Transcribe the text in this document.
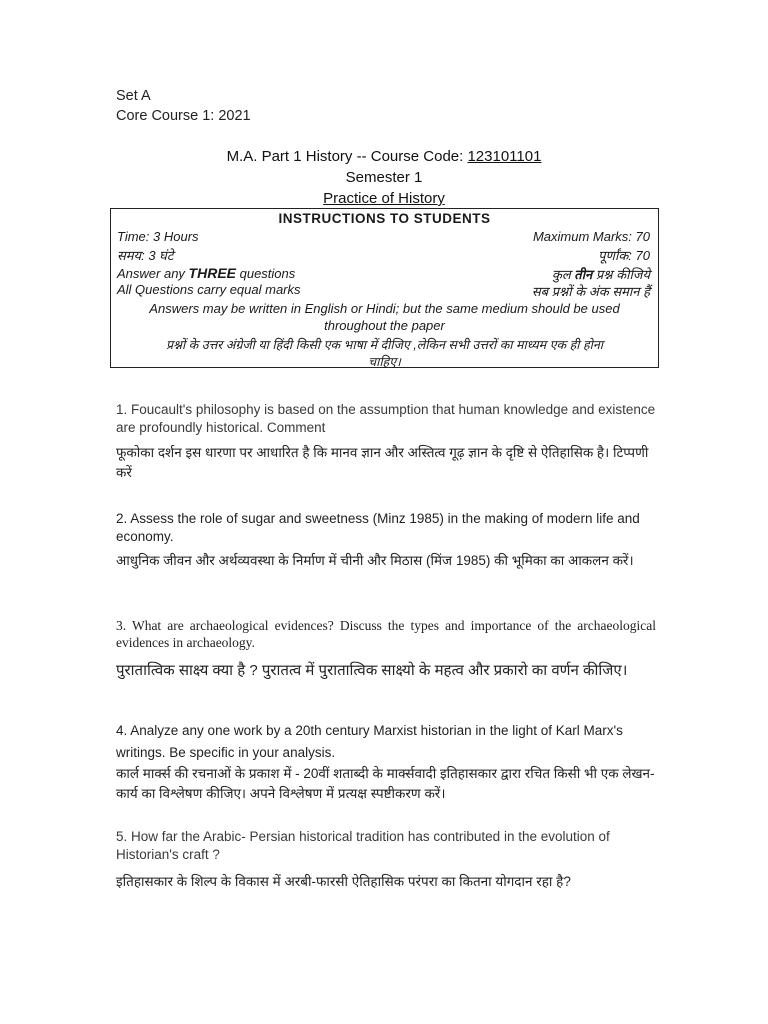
Set A
Core Course 1: 2021
M.A. Part 1 History -- Course Code: 123101101
Semester 1
Practice of History
INSTRUCTIONS TO STUDENTS
Time: 3 Hours	Maximum Marks: 70
समय: 3 घंटे	पूर्णांक: 70
Answer any THREE questions	कुल तीन प्रश्न कीजिये
All Questions carry equal marks	सब प्रश्नों के अंक समान हैं
Answers may be written in English or Hindi; but the same medium should be used
throughout the paper
प्रश्नों के उत्तर अंग्रेजी या हिंदी किसी एक भाषा में दीजिए ,लेकिन सभी उत्तरों का माध्यम एक ही होना
चाहिए।
1. Foucault's philosophy is based on the assumption that human knowledge and existence are profoundly historical. Comment
फूकोका दर्शन इस धारणा पर आधारित है कि मानव ज्ञान और अस्तित्व गूढ़ ज्ञान के दृष्टि से ऐतिहासिक है। टिप्पणी करें
2. Assess the role of sugar and sweetness (Minz 1985) in the making of modern life and economy.
आधुनिक जीवन और अर्थव्यवस्था के निर्माण में चीनी और मिठास (मिंज 1985) की भूमिका का आकलन करें।
3. What are archaeological evidences? Discuss the types and importance of the archaeological evidences in archaeology.
पुरातात्विक साक्ष्य क्या है ? पुरातत्व में पुरातात्विक साक्ष्यो के महत्व और प्रकारो का वर्णन कीजिए।
4. Analyze any one work by a 20th century Marxist historian in the light of Karl Marx's writings. Be specific in your analysis.
कार्ल मार्क्स की रचनाओं के प्रकाश में - 20वीं शताब्दी के मार्क्सवादी इतिहासकार द्वारा रचित किसी भी एक लेखन-कार्य का विश्लेषण कीजिए। अपने विश्लेषण में प्रत्यक्ष स्पष्टीकरण करें।
5. How far the Arabic- Persian historical tradition has contributed in the evolution of Historian's craft ?
इतिहासकार के शिल्प के विकास में अरबी-फारसी ऐतिहासिक परंपरा का कितना योगदान रहा है?
